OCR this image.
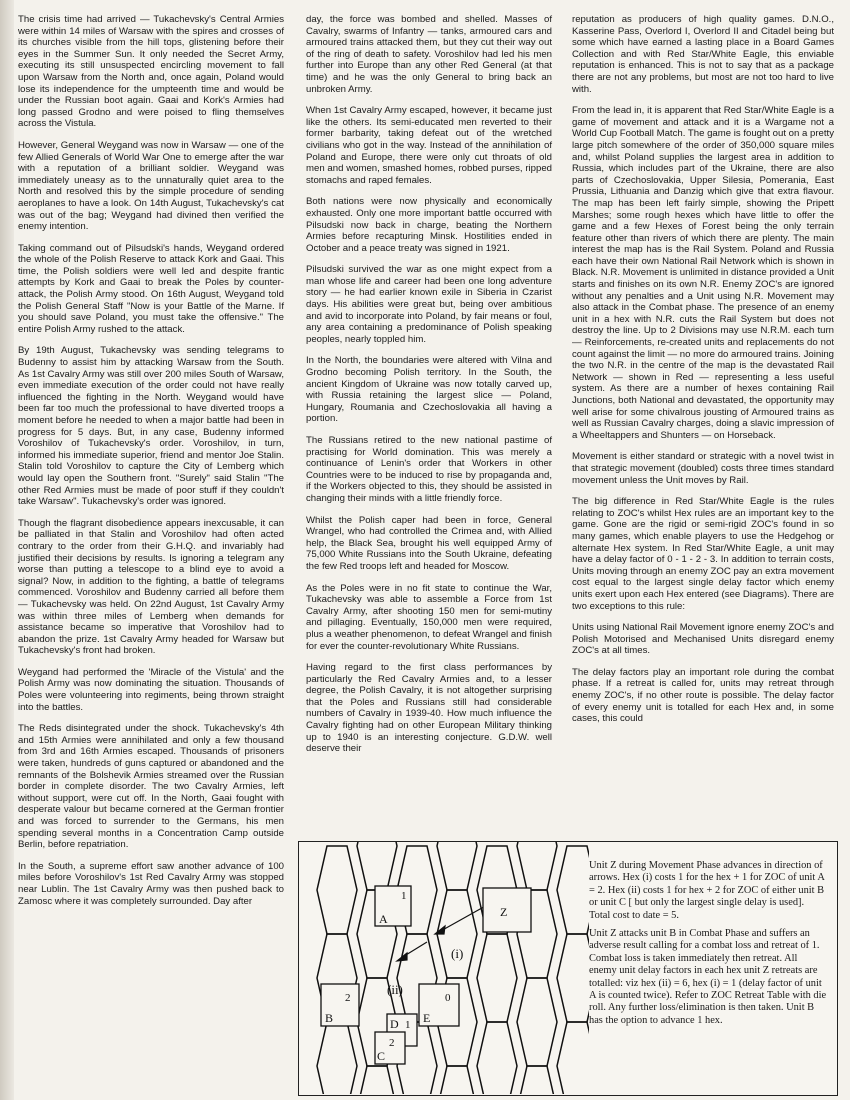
The crisis time had arrived — Tukachevsky's Central Armies were within 14 miles of Warsaw with the spires and crosses of its churches visible from the hill tops, glistening before their eyes in the Summer Sun. It only needed the Secret Army, executing its still unsuspected encircling movement to fall upon Warsaw from the North and, once again, Poland would lose its independence for the umpteenth time and would be under the Russian boot again. Gaai and Kork's Armies had long passed Grodno and were poised to fling themselves across the Vistula.

However, General Weygand was now in Warsaw — one of the few Allied Generals of World War One to emerge after the war with a reputation of a brilliant soldier. Weygand was immediately uneasy as to the unnaturally quiet area to the North and resolved this by the simple procedure of sending aeroplanes to have a look. On 14th August, Tukachevsky's cat was out of the bag; Weygand had divined then verified the enemy intention.

Taking command out of Pilsudski's hands, Weygand ordered the whole of the Polish Reserve to attack Kork and Gaai. This time, the Polish soldiers were well led and despite frantic attempts by Kork and Gaai to break the Poles by counter-attack, the Polish Army stood. On 16th August, Weygand told the Polish General Staff "Now is your Battle of the Marne. If you should save Poland, you must take the offensive." The entire Polish Army rushed to the attack.

By 19th August, Tukachevsky was sending telegrams to Budenny to assist him by attacking Warsaw from the South. As 1st Cavalry Army was still over 200 miles South of Warsaw, even immediate execution of the order could not have really influenced the fighting in the North. Weygand would have been far too much the professional to have diverted troops a moment before he needed to when a major battle had been in progress for 5 days. But, in any case, Budenny informed Voroshilov of Tukachevsky's order. Voroshilov, in turn, informed his immediate superior, friend and mentor Joe Stalin. Stalin told Voroshilov to capture the City of Lemberg which would lay open the Southern front. "Surely" said Stalin "The other Red Armies must be made of poor stuff if they couldn't take Warsaw". Tukachevsky's order was ignored.

Though the flagrant disobedience appears inexcusable, it can be palliated in that Stalin and Voroshilov had often acted contrary to the order from their G.H.Q. and invariably had justified their decisions by results. Is ignoring a telegram any worse than putting a telescope to a blind eye to avoid a signal? Now, in addition to the fighting, a battle of telegrams commenced. Voroshilov and Budenny carried all before them — Tukachevsky was held. On 22nd August, 1st Cavalry Army was within three miles of Lemberg when demands for assistance became so imperative that Voroshilov had to abandon the prize. 1st Cavalry Army headed for Warsaw but Tukachevsky's front had broken.

Weygand had performed the 'Miracle of the Vistula' and the Polish Army was now dominating the situation. Thousands of Poles were volunteering into regiments, being thrown straight into the battles.

The Reds disintegrated under the shock. Tukachevsky's 4th and 15th Armies were annihilated and only a few thousand from 3rd and 16th Armies escaped. Thousands of prisoners were taken, hundreds of guns captured or abandoned and the remnants of the Bolshevik Armies streamed over the Russian border in complete disorder. The two Cavalry Armies, left without support, were cut off. In the North, Gaai fought with desperate valour but became cornered at the German frontier and was forced to surrender to the Germans, his men spending several months in a Concentration Camp outside Berlin, before repatriation.

In the South, a supreme effort saw another advance of 100 miles before Voroshilov's 1st Red Cavalry Army was stopped near Lublin. The 1st Cavalry Army was then pushed back to Zamosc where it was completely surrounded. Day after

day, the force was bombed and shelled. Masses of Cavalry, swarms of Infantry — tanks, armoured cars and armoured trains attacked them, but they cut their way out of the ring of death to safety. Voroshilov had led his men further into Europe than any other Red General (at that time) and he was the only General to bring back an unbroken Army.

When 1st Cavalry Army escaped, however, it became just like the others. Its semi-educated men reverted to their former barbarity, taking defeat out of the wretched civilians who got in the way. Instead of the annihilation of Poland and Europe, there were only cut throats of old men and women, smashed homes, robbed purses, ripped stomachs and raped females.

Both nations were now physically and economically exhausted. Only one more important battle occurred with Pilsudski now back in charge, beating the Northern Armies before recapturing Minsk. Hostilities ended in October and a peace treaty was signed in 1921.

Pilsudski survived the war as one might expect from a man whose life and career had been one long adventure story — he had earlier known exile in Siberia in Czarist days. His abilities were great but, being over ambitious and avid to incorporate into Poland, by fair means or foul, any area containing a predominance of Polish speaking peoples, nearly toppled him.

In the North, the boundaries were altered with Vilna and Grodno becoming Polish territory. In the South, the ancient Kingdom of Ukraine was now totally carved up, with Russia retaining the largest slice — Poland, Hungary, Roumania and Czechoslovakia all having a portion.

The Russians retired to the new national pastime of practising for World domination. This was merely a continuance of Lenin's order that Workers in other Countries were to be induced to rise by propaganda and, if the Workers objected to this, they should be assisted in changing their minds with a little friendly force.

Whilst the Polish caper had been in force, General Wrangel, who had controlled the Crimea and, with Allied help, the Black Sea, brought his well equipped Army of 75,000 White Russians into the South Ukraine, defeating the few Red troops left and headed for Moscow.

As the Poles were in no fit state to continue the War, Tukachevsky was able to assemble a Force from 1st Cavalry Army, after shooting 150 men for semi-mutiny and pillaging. Eventually, 150,000 men were required, plus a weather phenomenon, to defeat Wrangel and finish for ever the counter-revolutionary White Russians.

Having regard to the first class performances by particularly the Red Cavalry Armies and, to a lesser degree, the Polish Cavalry, it is not altogether surprising that the Poles and Russians still had considerable numbers of Cavalry in 1939-40. How much influence the Cavalry fighting had on other European Military thinking up to 1940 is an interesting conjecture. G.D.W. well deserve their

reputation as producers of high quality games. D.N.O., Kasserine Pass, Overlord I, Overlord II and Citadel being but some which have earned a lasting place in a Board Games Collection and with Red Star/White Eagle, this enviable reputation is enhanced. This is not to say that as a package there are not any problems, but most are not too hard to live with.

From the lead in, it is apparent that Red Star/White Eagle is a game of movement and attack and it is a Wargame not a World Cup Football Match. The game is fought out on a pretty large pitch somewhere of the order of 350,000 square miles and, whilst Poland supplies the largest area in addition to Russia, which includes part of the Ukraine, there are also parts of Czechoslovakia, Upper Silesia, Pomerania, East Prussia, Lithuania and Danzig which give that extra flavour. The map has been left fairly simple, showing the Pripett Marshes; some rough hexes which have little to offer the game and a few Hexes of Forest being the only terrain feature other than rivers of which there are plenty. The main interest the map has is the Rail System. Poland and Russia each have their own National Rail Network which is shown in Black. N.R. Movement is unlimited in distance provided a Unit starts and finishes on its own N.R. Enemy ZOC's are ignored without any penalties and a Unit using N.R. Movement may also attack in the Combat phase. The presence of an enemy unit in a hex with N.R. cuts the Rail System but does not destroy the line. Up to 2 Divisions may use N.R.M. each turn — Reinforcements, re-created units and replacements do not count against the limit — no more do armoured trains. Joining the two N.R. in the centre of the map is the devastated Rail Network — shown in Red — representing a less useful system. As there are a number of hexes containing Rail Junctions, both National and devastated, the opportunity may well arise for some chivalrous jousting of Armoured trains as well as Russian Cavalry charges, doing a slavic impression of a Wheeltappers and Shunters — on Horseback.

Movement is either standard or strategic with a novel twist in that strategic movement (doubled) costs three times standard movement unless the Unit moves by Rail.

The big difference in Red Star/White Eagle is the rules relating to ZOC's whilst Hex rules are an important key to the game. Gone are the rigid or semi-rigid ZOC's found in so many games, which enable players to use the Hedgehog or alternate Hex system. In Red Star/White Eagle, a unit may have a delay factor of 0 - 1 - 2 - 3. In addition to terrain costs, Units moving through an enemy ZOC pay an extra movement cost equal to the largest single delay factor which enemy units exert upon each Hex entered (see Diagrams). There are two exceptions to this rule:

Units using National Rail Movement ignore enemy ZOC's and Polish Motorised and Mechanised Units disregard enemy ZOC's at all times.

The delay factors play an important role during the combat phase. If a retreat is called for, units may retreat through enemy ZOC's, if no other route is possible. The delay factor of every enemy unit is totalled for each Hex and, in some cases, this could

(i)
(ii)
A
1
Z
B
2
E
0
D 1
C
2

Unit Z during Movement Phase advances in direction of arrows. Hex (i) costs 1 for the hex + 1 for ZOC of unit A = 2. Hex (ii) costs 1 for hex + 2 for ZOC of either unit B or unit C [ but only the largest single delay is used]. Total cost to date = 5.

Unit Z attacks unit B in Combat Phase and suffers an adverse result calling for a combat loss and retreat of 1. Combat loss is taken immediately then retreat. All enemy unit delay factors in each hex unit Z retreats are totalled: viz hex (ii) = 6, hex (i) = 1 (delay factor of unit A is counted twice). Refer to ZOC Retreat Table with die roll. Any further loss/elimination is then taken. Unit B has the option to advance 1 hex.
